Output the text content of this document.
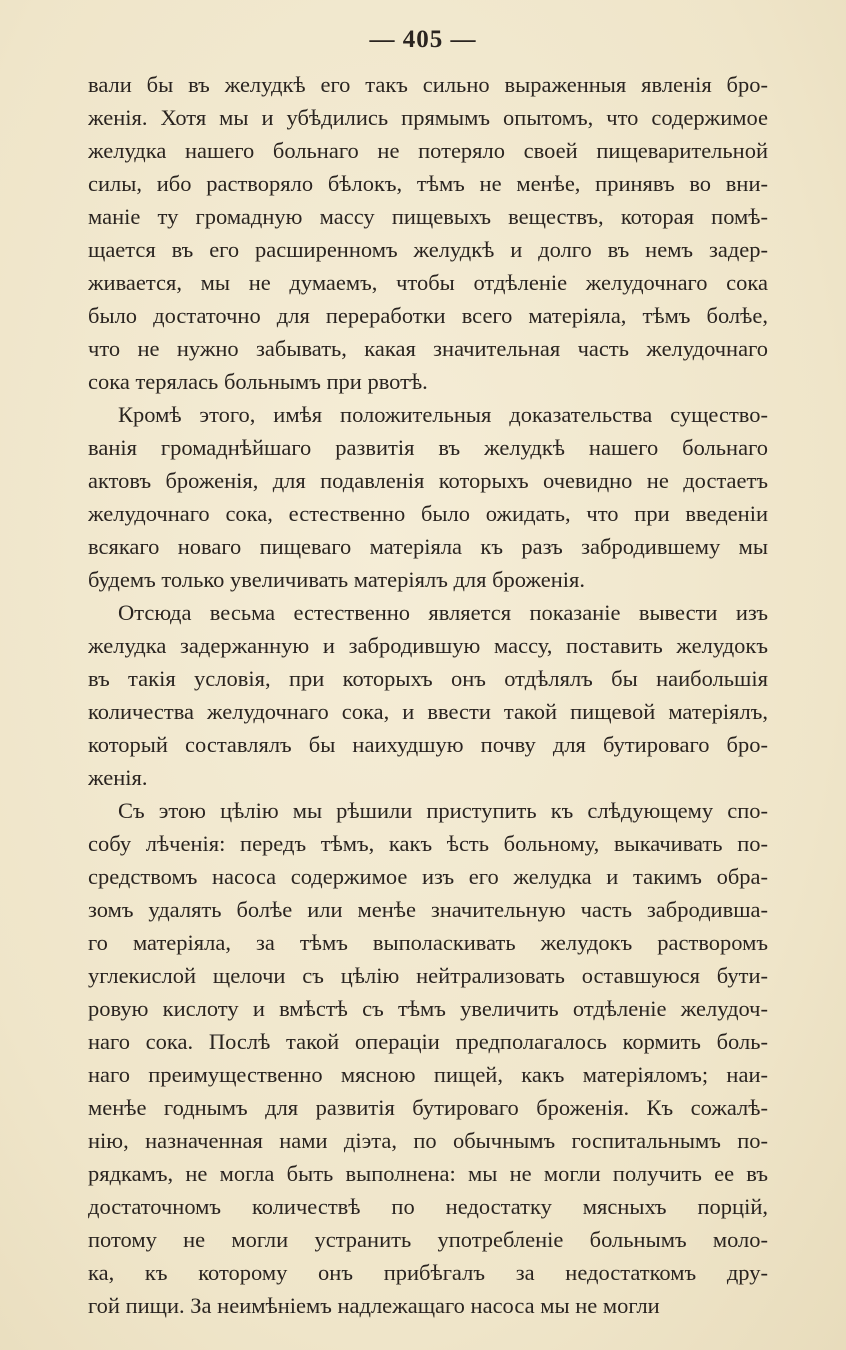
— 405 —
вали бы въ желудкѣ его такъ сильно выраженныя явленія бро-
женія. Хотя мы и убѣдились прямымъ опытомъ, что содержимое
желудка нашего больнаго не потеряло своей пищеварительной
силы, ибо растворяло бѣлокъ, тѣмъ не менѣе, принявъ во вни-
маніе ту громадную массу пищевыхъ веществъ, которая помѣ-
щается въ его расширенномъ желудкѣ и долго въ немъ задер-
живается, мы не думаемъ, чтобы отдѣленіе желудочнаго сока
было достаточно для переработки всего матеріяла, тѣмъ болѣе,
что не нужно забывать, какая значительная часть желудочнаго
сока терялась больнымъ при рвотѣ.
Кромѣ этого, имѣя положительныя доказательства существо-
ванія громаднѣйшаго развитія въ желудкѣ нашего больнаго
актовъ броженія, для подавленія которыхъ очевидно не достаетъ
желудочнаго сока, естественно было ожидать, что при введеніи
всякаго новаго пищеваго матеріяла къ разъ забродившему мы
будемъ только увеличивать матеріялъ для броженія.
Отсюда весьма естественно является показаніе вывести изъ
желудка задержанную и забродившую массу, поставить желудокъ
въ такія условія, при которыхъ онъ отдѣлялъ бы наибольшія
количества желудочнаго сока, и ввести такой пищевой матеріялъ,
который составлялъ бы наихудшую почву для бутироваго бро-
женія.
Съ этою цѣлію мы рѣшили приступить къ слѣдующему спо-
собу лѣченія: передъ тѣмъ, какъ ѣсть больному, выкачивать по-
средствомъ насоса содержимое изъ его желудка и такимъ обра-
зомъ удалять болѣе или менѣе значительную часть забродивша-
го матеріяла, за тѣмъ выполаскивать желудокъ растворомъ
углекислой щелочи съ цѣлію нейтрализовать оставшуюся бути-
ровую кислоту и вмѣстѣ съ тѣмъ увеличить отдѣленіе желудоч-
наго сока. Послѣ такой операціи предполагалось кормить боль-
наго преимущественно мясною пищей, какъ матеріяломъ; наи-
менѣе годнымъ для развитія бутироваго броженія. Къ сожалѣ-
нію, назначенная нами діэта, по обычнымъ госпитальнымъ по-
рядкамъ, не могла быть выполнена: мы не могли получить ее въ
достаточномъ количествѣ по недостатку мясныхъ порцій,
потому не могли устранить употребленіе больнымъ моло-
ка, къ которому онъ прибѣгалъ за недостаткомъ дру-
гой пищи. За неимѣніемъ надлежащаго насоса мы не могли
